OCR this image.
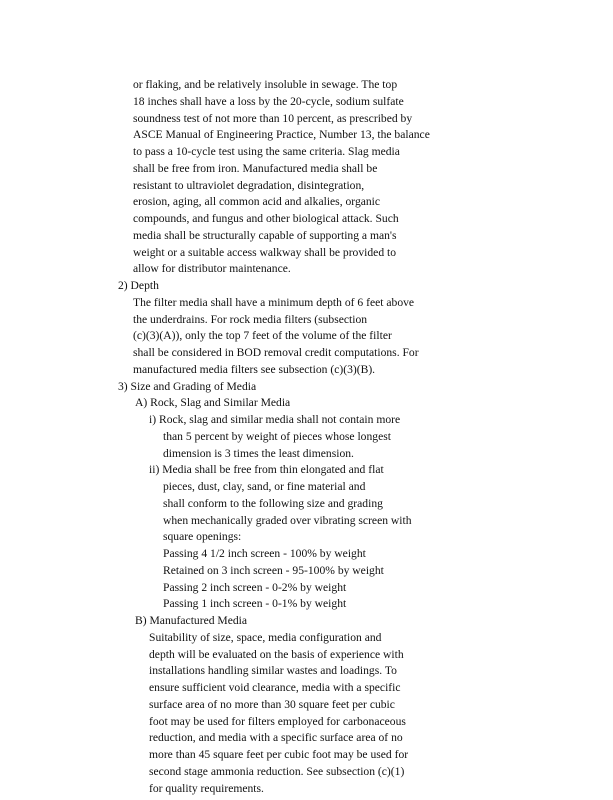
or flaking, and be relatively insoluble in sewage. The top
18 inches shall have a loss by the 20-cycle, sodium sulfate
soundness test of not more than 10 percent, as prescribed by
ASCE Manual of Engineering Practice, Number 13, the balance
to pass a 10-cycle test using the same criteria. Slag media
shall be free from iron. Manufactured media shall be
resistant to ultraviolet degradation, disintegration,
erosion, aging, all common acid and alkalies, organic
compounds, and fungus and other biological attack. Such
media shall be structurally capable of supporting a man's
weight or a suitable access walkway shall be provided to
allow for distributor maintenance.
2) Depth
The filter media shall have a minimum depth of 6 feet above
the underdrains. For rock media filters (subsection
(c)(3)(A)), only the top 7 feet of the volume of the filter
shall be considered in BOD removal credit computations. For
manufactured media filters see subsection (c)(3)(B).
3) Size and Grading of Media
A) Rock, Slag and Similar Media
i) Rock, slag and similar media shall not contain more
than 5 percent by weight of pieces whose longest
dimension is 3 times the least dimension.
ii) Media shall be free from thin elongated and flat
pieces, dust, clay, sand, or fine material and
shall conform to the following size and grading
when mechanically graded over vibrating screen with
square openings:
Passing 4 1/2 inch screen - 100% by weight
Retained on 3 inch screen - 95-100% by weight
Passing 2 inch screen - 0-2% by weight
Passing 1 inch screen - 0-1% by weight
B) Manufactured Media
Suitability of size, space, media configuration and
depth will be evaluated on the basis of experience with
installations handling similar wastes and loadings. To
ensure sufficient void clearance, media with a specific
surface area of no more than 30 square feet per cubic
foot may be used for filters employed for carbonaceous
reduction, and media with a specific surface area of no
more than 45 square feet per cubic foot may be used for
second stage ammonia reduction. See subsection (c)(1)
for quality requirements.
